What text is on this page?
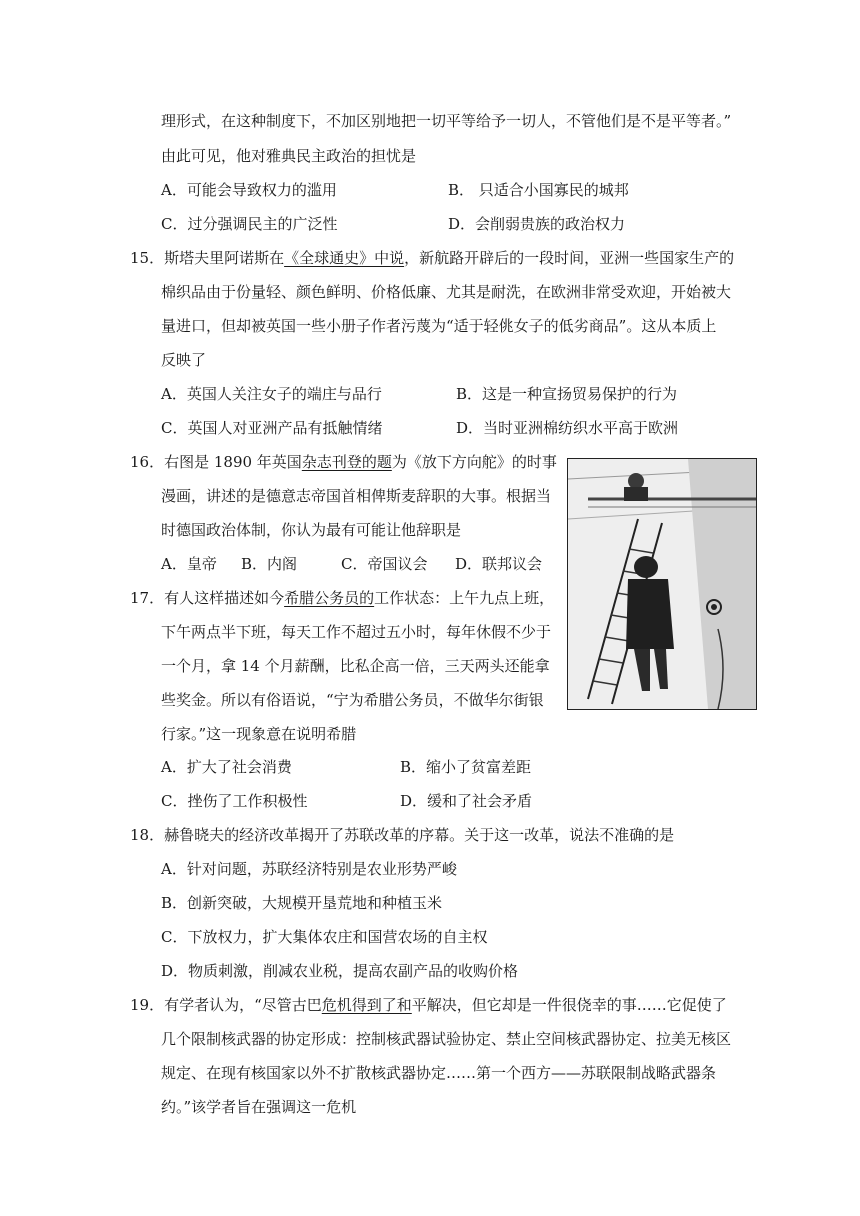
理形式，在这种制度下，不加区别地把一切平等给予一切人，不管他们是不是平等者。”
由此可见，他对雅典民主政治的担忧是
A．可能会导致权力的滥用	B． 只适合小国寡民的城邦
C．过分强调民主的广泛性	D．会削弱贵族的政治权力
15．斯塔夫里阿诺斯在《全球通史》中说，新航路开辟后的一段时间，亚洲一些国家生产的
棉织品由于份量轻、颜色鲜明、价格低廉、尤其是耐洗，在欧洲非常受欢迎，开始被大
量进口，但却被英国一些小册子作者污蔑为“适于轻佻女子的低劣商品”。这从本质上
反映了
A．英国人关注女子的端庄与品行	B．这是一种宣扬贸易保护的行为
C．英国人对亚洲产品有抵触情绪	D．当时亚洲棉纺织水平高于欧洲
16．右图是 1890 年英国杂志刊登的题为《放下方向舵》的时事
漫画，讲述的是德意志帝国首相俾斯麦辞职的大事。根据当
时德国政治体制，你认为最有可能让他辞职是
A．皇帝 B．内阁	C．帝国议会 D．联邦议会
17．有人这样描述如今希腊公务员的工作状态：上午九点上班，
下午两点半下班，每天工作不超过五小时，每年休假不少于
一个月，拿 14 个月薪酬，比私企高一倍，三天两头还能拿
些奖金。所以有俗语说，“宁为希腊公务员，不做华尔街银
行家。”这一现象意在说明希腊
A．扩大了社会消费	B．缩小了贫富差距
C．挫伤了工作积极性	D．缓和了社会矛盾
18．赫鲁晓夫的经济改革揭开了苏联改革的序幕。关于这一改革，说法不准确的是
A．针对问题，苏联经济特别是农业形势严峻
B．创新突破，大规模开垦荒地和种植玉米
C．下放权力，扩大集体农庄和国营农场的自主权
D．物质刺激，削减农业税，提高农副产品的收购价格
19．有学者认为，“尽管古巴危机得到了和平解决，但它却是一件很侥幸的事……它促使了
几个限制核武器的协定形成：控制核武器试验协定、禁止空间核武器协定、拉美无核区
规定、在现有核国家以外不扩散核武器协定……第一个西方——苏联限制战略武器条
约。”该学者旨在强调这一危机
